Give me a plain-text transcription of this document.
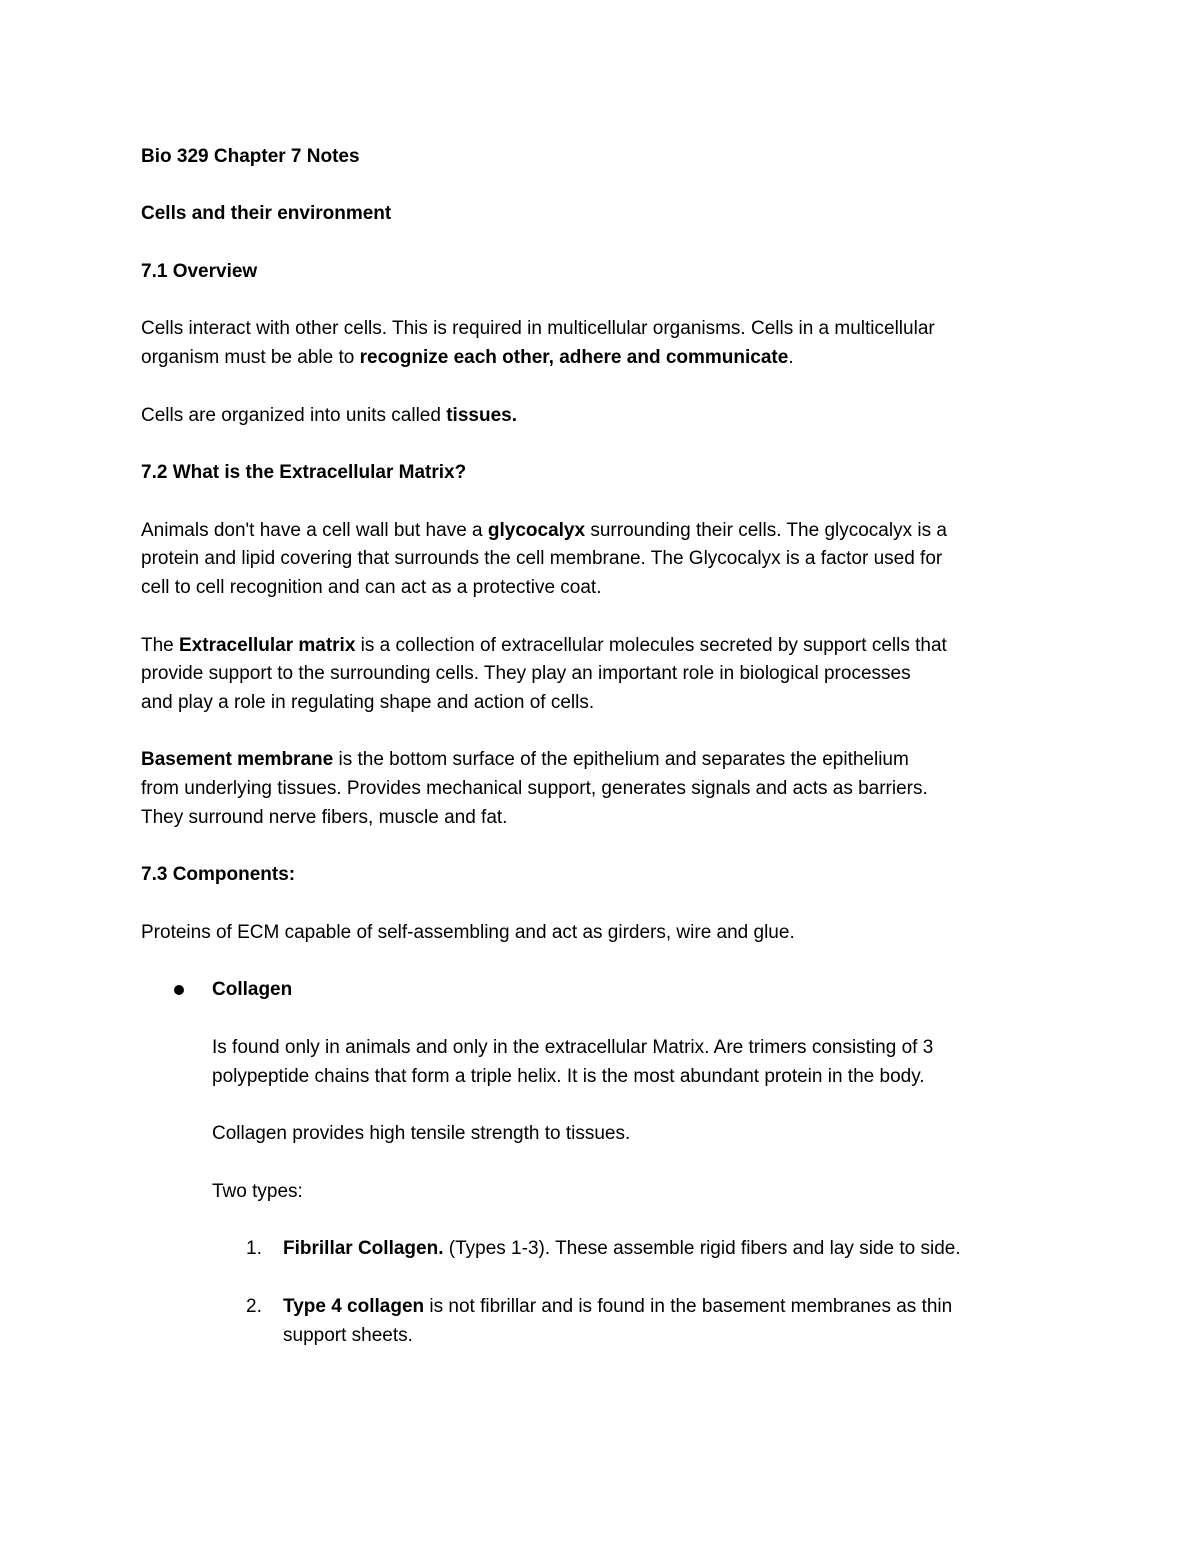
Bio 329 Chapter 7 Notes
Cells and their environment
7.1 Overview
Cells interact with other cells. This is required in multicellular organisms. Cells in a multicellular
organism must be able to recognize each other, adhere and communicate.
Cells are organized into units called tissues.
7.2 What is the Extracellular Matrix?
Animals don't have a cell wall but have a glycocalyx surrounding their cells. The glycocalyx is a
protein and lipid covering that surrounds the cell membrane. The Glycocalyx is a factor used for
cell to cell recognition and can act as a protective coat.
The Extracellular matrix is a collection of extracellular molecules secreted by support cells that
provide support to the surrounding cells. They play an important role in biological processes
and play a role in regulating shape and action of cells.
Basement membrane is the bottom surface of the epithelium and separates the epithelium
from underlying tissues. Provides mechanical support, generates signals and acts as barriers.
They surround nerve fibers, muscle and fat.
7.3 Components:
Proteins of ECM capable of self-assembling and act as girders, wire and glue.
Collagen
Is found only in animals and only in the extracellular Matrix. Are trimers consisting of 3
polypeptide chains that form a triple helix. It is the most abundant protein in the body.
Collagen provides high tensile strength to tissues.
Two types:
1. Fibrillar Collagen. (Types 1-3). These assemble rigid fibers and lay side to side.
2. Type 4 collagen is not fibrillar and is found in the basement membranes as thin
support sheets.
